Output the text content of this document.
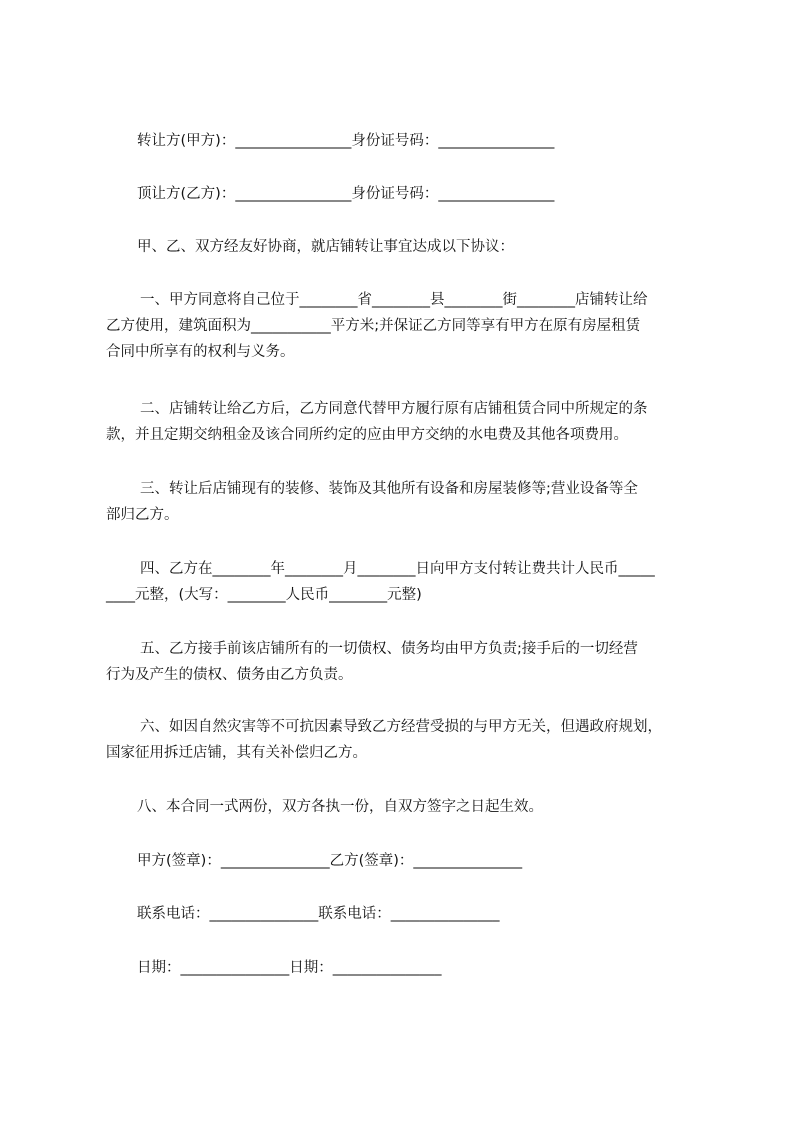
转让方(甲方)：________________身份证号码：________________
顶让方(乙方)：________________身份证号码：________________
甲、乙、双方经友好协商，就店铺转让事宜达成以下协议：
一、甲方同意将自己位于________省________县________街________店铺转让给
乙方使用，建筑面积为___________平方米;并保证乙方同等享有甲方在原有房屋租赁
合同中所享有的权利与义务。
二、店铺转让给乙方后，乙方同意代替甲方履行原有店铺租赁合同中所规定的条
款，并且定期交纳租金及该合同所约定的应由甲方交纳的水电费及其他各项费用。
三、转让后店铺现有的装修、装饰及其他所有设备和房屋装修等;营业设备等全
部归乙方。
四、乙方在________年________月________日向甲方支付转让费共计人民币_____
____元整，(大写：________人民币________元整)
五、乙方接手前该店铺所有的一切债权、债务均由甲方负责;接手后的一切经营
行为及产生的债权、债务由乙方负责。
六、如因自然灾害等不可抗因素导致乙方经营受损的与甲方无关，但遇政府规划，
国家征用拆迁店铺，其有关补偿归乙方。
八、本合同一式两份，双方各执一份，自双方签字之日起生效。
甲方(签章)：_______________乙方(签章)：_______________
联系电话：_______________联系电话：_______________
日期：_______________日期：_______________
